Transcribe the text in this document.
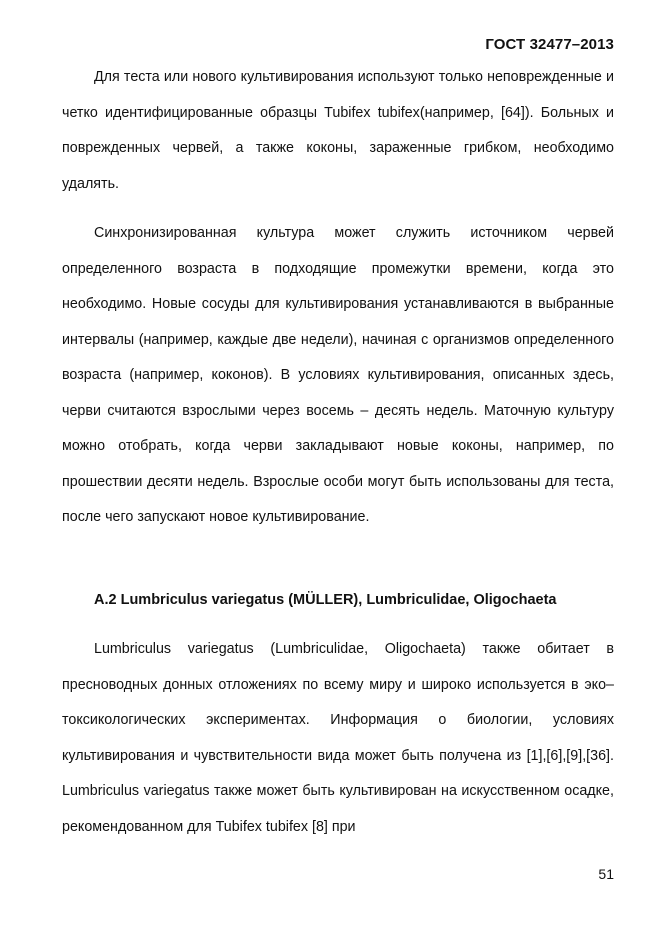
ГОСТ 32477–2013

Для теста или нового культивирования используют только неповрежденные и четко идентифицированные образцы Tubifex tubifex(например, [64]). Больных и поврежденных червей, а также коконы, зараженные грибком, необходимо удалять.

Синхронизированная культура может служить источником червей определенного возраста в подходящие промежутки времени, когда это необходимо. Новые сосуды для культивирования устанавливаются в выбранные интервалы (например, каждые две недели), начиная с организмов определенного возраста (например, коконов). В условиях культивирования, описанных здесь, черви считаются взрослыми через восемь – десять недель. Маточную культуру можно отобрать, когда черви закладывают новые коконы, например, по прошествии десяти недель. Взрослые особи могут быть использованы для теста, после чего запускают новое культивирование.

А.2 Lumbriculus variegatus (MÜLLER), Lumbriculidae, Oligochaeta

Lumbriculus variegatus (Lumbriculidae, Oligochaeta) также обитает в пресноводных донных отложениях по всему миру и широко используется в эко–токсикологических экспериментах. Информация о биологии, условиях культивирования и чувствительности вида может быть получена из [1],[6],[9],[36]. Lumbriculus variegatus также может быть культивирован на искусственном осадке, рекомендованном для Tubifex tubifex [8] при

51
